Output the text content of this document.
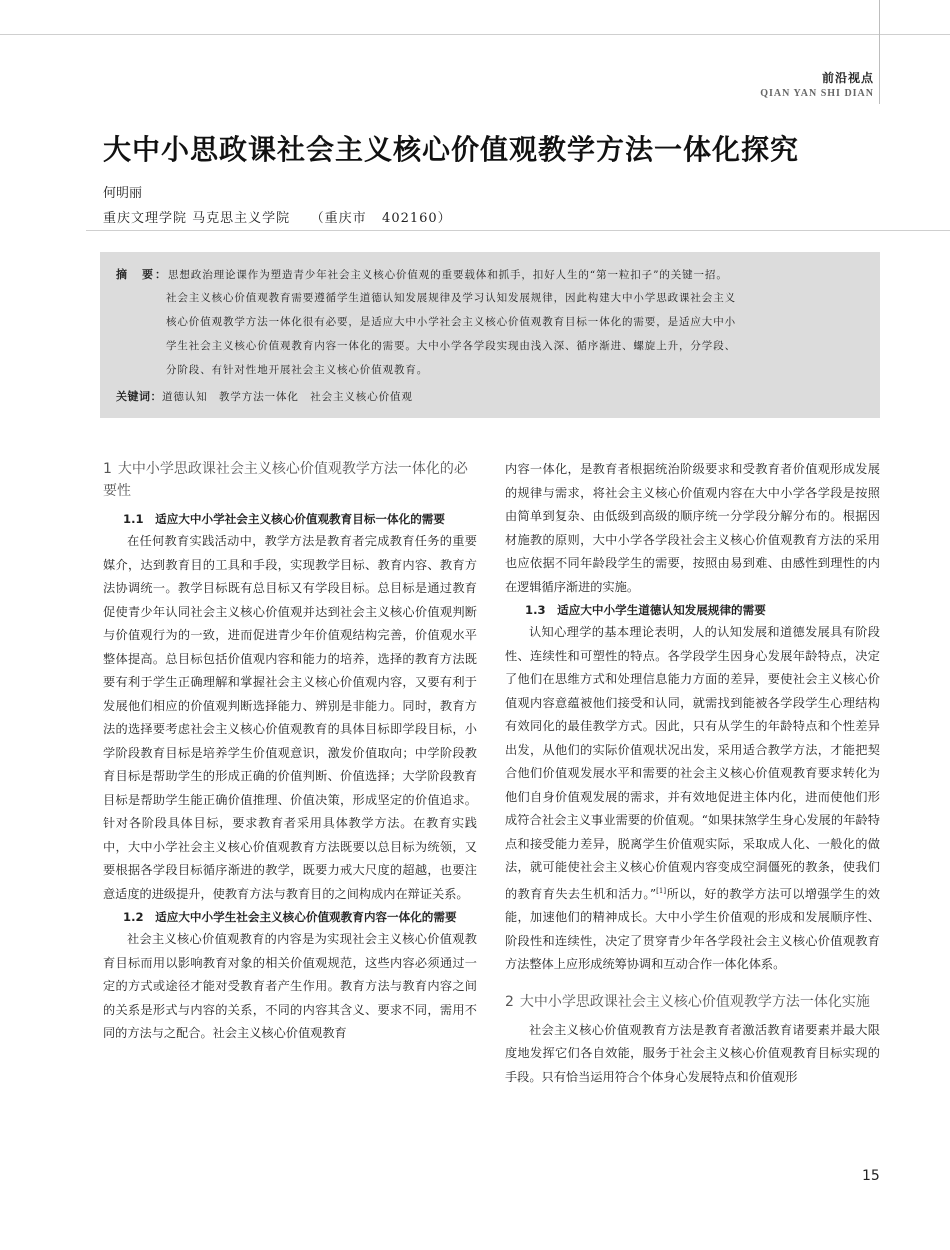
前沿视点
QIAN YAN SHI DIAN
大中小思政课社会主义核心价值观教学方法一体化探究
何明丽
重庆文理学院 马克思主义学院    （重庆市   402160）
摘　要：思想政治理论课作为塑造青少年社会主义核心价值观的重要载体和抓手，扣好人生的“第一粒扣子”的关键一招。
社会主义核心价值观教育需要遵循学生道德认知发展规律及学习认知发展规律，因此构建大中小学思政课社会主义
核心价值观教学方法一体化很有必要，是适应大中小学社会主义核心价值观教育目标一体化的需要，是适应大中小
学生社会主义核心价值观教育内容一体化的需要。大中小学各学段实现由浅入深、循序渐进、螺旋上升，分学段、
分阶段、有针对性地开展社会主义核心价值观教育。
关键词：道德认知　教学方法一体化　社会主义核心价值观
1 大中小学思政课社会主义核心价值观教学方法一体化的必要性
1.1　适应大中小学社会主义核心价值观教育目标一体化的需要

在任何教育实践活动中，教学方法是教育者完成教育任务的重要媒介，达到教育目的工具和手段，实现教学目标、教育内容、教育方法协调统一。教学目标既有总目标又有学段目标。总目标是通过教育促使青少年认同社会主义核心价值观并达到社会主义核心价值观判断与价值观行为的一致，进而促进青少年价值观结构完善，价值观水平整体提高。总目标包括价值观内容和能力的培养，选择的教育方法既要有利于学生正确理解和掌握社会主义核心价值观内容，又要有利于发展他们相应的价值观判断选择能力、辨别是非能力。同时，教育方法的选择要考虑社会主义核心价值观教育的具体目标即学段目标，小学阶段教育目标是培养学生价值观意识，激发价值取向；中学阶段教育目标是帮助学生的形成正确的价值判断、价值选择；大学阶段教育目标是帮助学生能正确价值推理、价值决策，形成坚定的价值追求。针对各阶段具体目标，要求教育者采用具体教学方法。在教育实践中，大中小学社会主义核心价值观教育方法既要以总目标为统领，又要根据各学段目标循序渐进的教学，既要力戒大尺度的超越，也要注意适度的进级提升，使教育方法与教育目的之间构成内在辩证关系。

1.2　适应大中小学生社会主义核心价值观教育内容一体化的需要

社会主义核心价值观教育的内容是为实现社会主义核心价值观教育目标而用以影响教育对象的相关价值观规范，这些内容必须通过一定的方式或途径才能对受教育者产生作用。教育方法与教育内容之间的关系是形式与内容的关系，不同的内容其含义、要求不同，需用不同的方法与之配合。社会主义核心价值观教育

内容一体化，是教育者根据统治阶级要求和受教育者价值观形成发展的规律与需求，将社会主义核心价值观内容在大中小学各学段是按照由简单到复杂、由低级到高级的顺序统一分学段分解分布的。根据因材施教的原则，大中小学各学段社会主义核心价值观教育方法的采用也应依据不同年龄段学生的需要，按照由易到难、由感性到理性的内在逻辑循序渐进的实施。

1.3　适应大中小学生道德认知发展规律的需要

认知心理学的基本理论表明，人的认知发展和道德发展具有阶段性、连续性和可塑性的特点。各学段学生因身心发展年龄特点，决定了他们在思维方式和处理信息能力方面的差异，要使社会主义核心价值观内容意蕴被他们接受和认同，就需找到能被各学段学生心理结构有效同化的最佳教学方式。因此，只有从学生的年龄特点和个性差异出发，从他们的实际价值观状况出发，采用适合教学方法，才能把契合他们价值观发展水平和需要的社会主义核心价值观教育要求转化为他们自身价值观发展的需求，并有效地促进主体内化，进而使他们形成符合社会主义事业需要的价值观。“如果抹煞学生身心发展的年龄特点和接受能力差异，脱离学生价值观实际，采取成人化、一般化的做法，就可能使社会主义核心价值观内容变成空洞僵死的教条，使我们的教育育失去生机和活力。”[1]所以，好的教学方法可以增强学生的效能，加速他们的精神成长。大中小学生价值观的形成和发展顺序性、阶段性和连续性，决定了贯穿青少年各学段社会主义核心价值观教育方法整体上应形成统筹协调和互动合作一体化体系。

2 大中小学思政课社会主义核心价值观教学方法一体化实施

社会主义核心价值观教育方法是教育者激活教育诸要素并最大限度地发挥它们各自效能，服务于社会主义核心价值观教育目标实现的手段。只有恰当运用符合个体身心发展特点和价值观形

15
